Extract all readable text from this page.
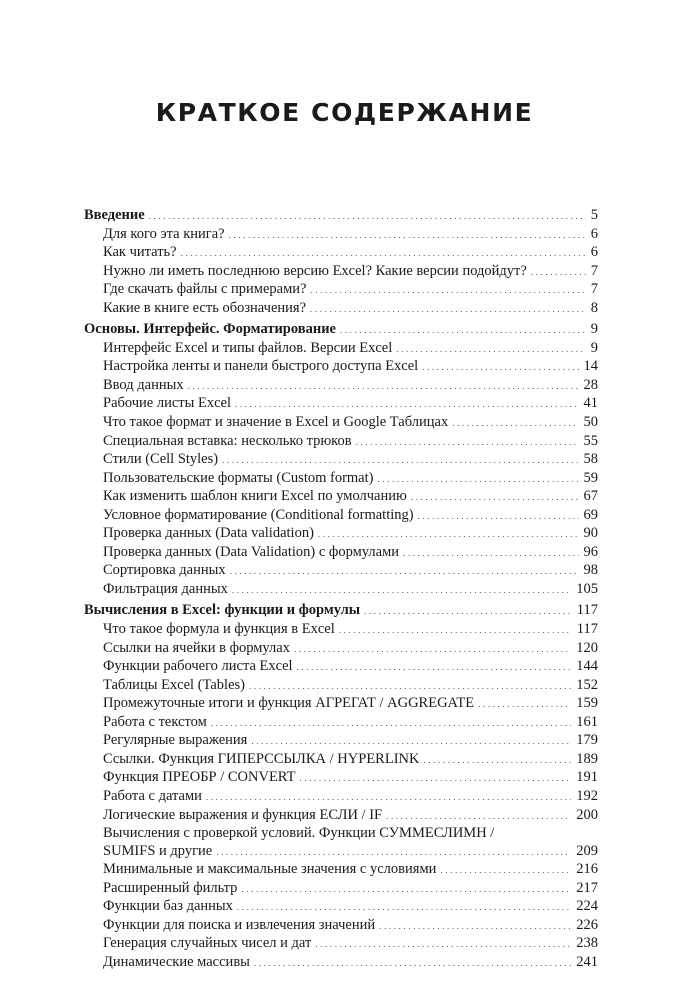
КРАТКОЕ СОДЕРЖАНИЕ
Введение .....	5
Для кого эта книга? .....	6
Как читать? .....	6
Нужно ли иметь последнюю версию Excel? Какие версии подойдут? .....	7
Где скачать файлы с примерами? .....	7
Какие в книге есть обозначения? .....	8
Основы. Интерфейс. Форматирование .....	9
Интерфейс Excel и типы файлов. Версии Excel .....	9
Настройка ленты и панели быстрого доступа Excel .....	14
Ввод данных .....	28
Рабочие листы Excel .....	41
Что такое формат и значение в Excel и Google Таблицах .....	50
Специальная вставка: несколько трюков .....	55
Стили (Cell Styles) .....	58
Пользовательские форматы (Custom format) .....	59
Как изменить шаблон книги Excel по умолчанию .....	67
Условное форматирование (Conditional formatting) .....	69
Проверка данных (Data validation) .....	90
Проверка данных (Data Validation) с формулами .....	96
Сортировка данных .....	98
Фильтрация данных .....	105
Вычисления в Excel: функции и формулы .....	117
Что такое формула и функция в Excel .....	117
Ссылки на ячейки в формулах .....	120
Функции рабочего листа Excel .....	144
Таблицы Excel (Tables) .....	152
Промежуточные итоги и функция АГРЕГАТ / AGGREGATE .....	159
Работа с текстом .....	161
Регулярные выражения .....	179
Ссылки. Функция ГИПЕРССЫЛКА / HYPERLINK .....	189
Функция ПРЕОБР / CONVERT .....	191
Работа с датами .....	192
Логические выражения и функция ЕСЛИ / IF .....	200
Вычисления с проверкой условий. Функции СУММЕСЛИМН /
SUMIFS и другие .....	209
Минимальные и максимальные значения с условиями .....	216
Расширенный фильтр .....	217
Функции баз данных .....	224
Функции для поиска и извлечения значений .....	226
Генерация случайных чисел и дат .....	238
Динамические массивы .....	241
